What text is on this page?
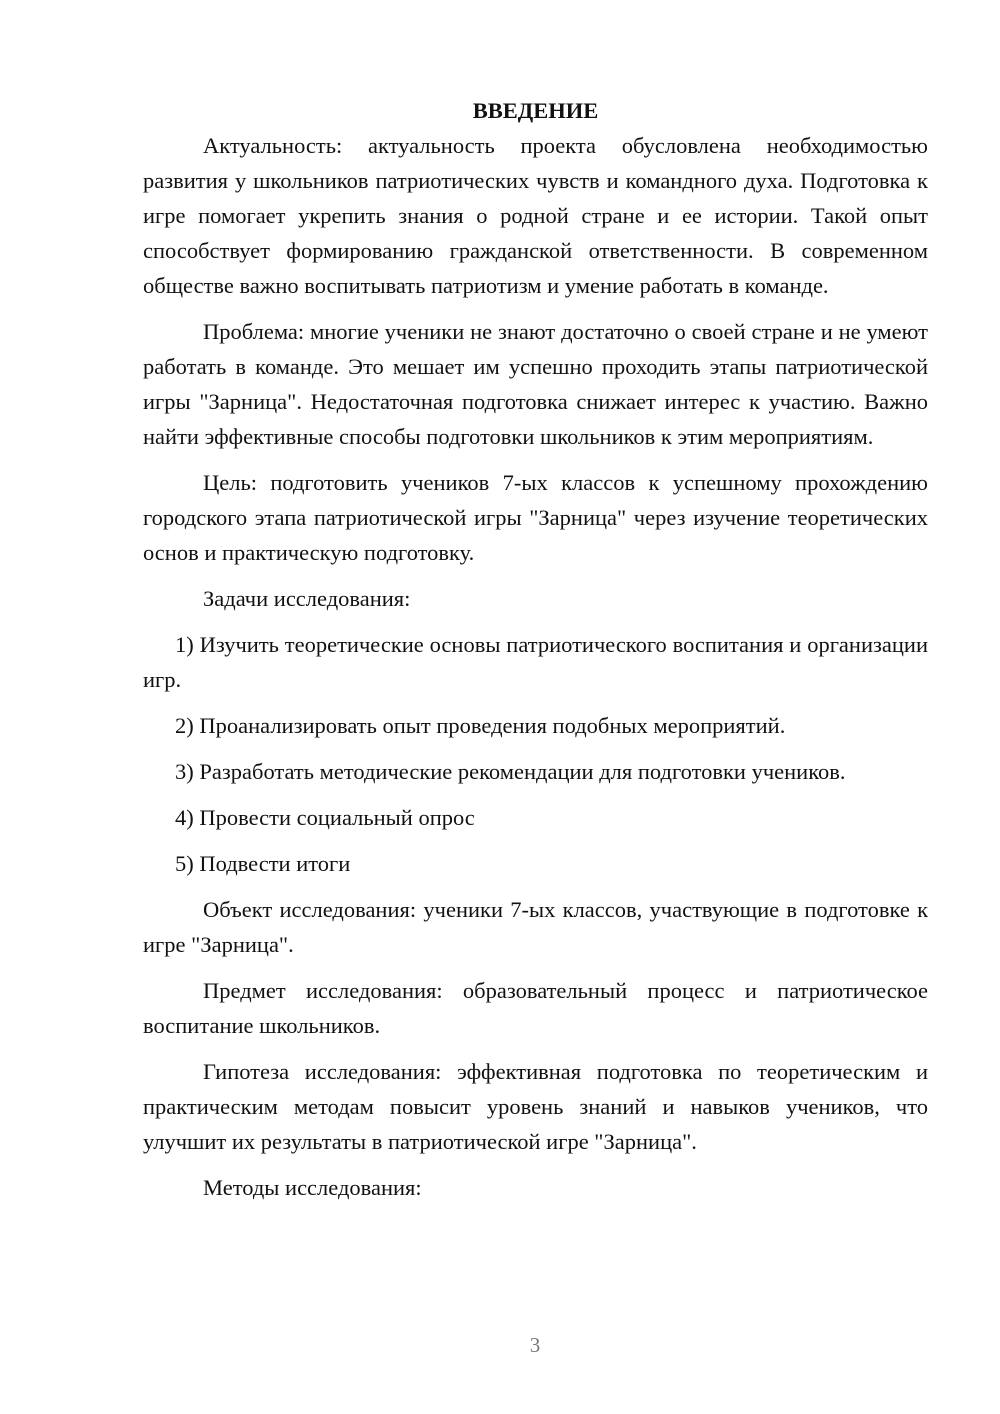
ВВЕДЕНИЕ

Актуальность: актуальность проекта обусловлена необходимостью развития у школьников патриотических чувств и командного духа. Подготовка к игре помогает укрепить знания о родной стране и ее истории. Такой опыт способствует формированию гражданской ответственности. В современном обществе важно воспитывать патриотизм и умение работать в команде.

Проблема: многие ученики не знают достаточно о своей стране и не умеют работать в команде. Это мешает им успешно проходить этапы патриотической игры "Зарница". Недостаточная подготовка снижает интерес к участию. Важно найти эффективные способы подготовки школьников к этим мероприятиям.

Цель: подготовить учеников 7-ых классов к успешному прохождению городского этапа патриотической игры "Зарница" через изучение теоретических основ и практическую подготовку.

Задачи исследования:

1) Изучить теоретические основы патриотического воспитания и организации игр.

2) Проанализировать опыт проведения подобных мероприятий.

3) Разработать методические рекомендации для подготовки учеников.

4) Провести социальный опрос

5) Подвести итоги

Объект исследования: ученики 7-ых классов, участвующие в подготовке к игре "Зарница".

Предмет исследования: образовательный процесс и патриотическое воспитание школьников.

Гипотеза исследования: эффективная подготовка по теоретическим и практическим методам повысит уровень знаний и навыков учеников, что улучшит их результаты в патриотической игре "Зарница".

Методы исследования:

3
